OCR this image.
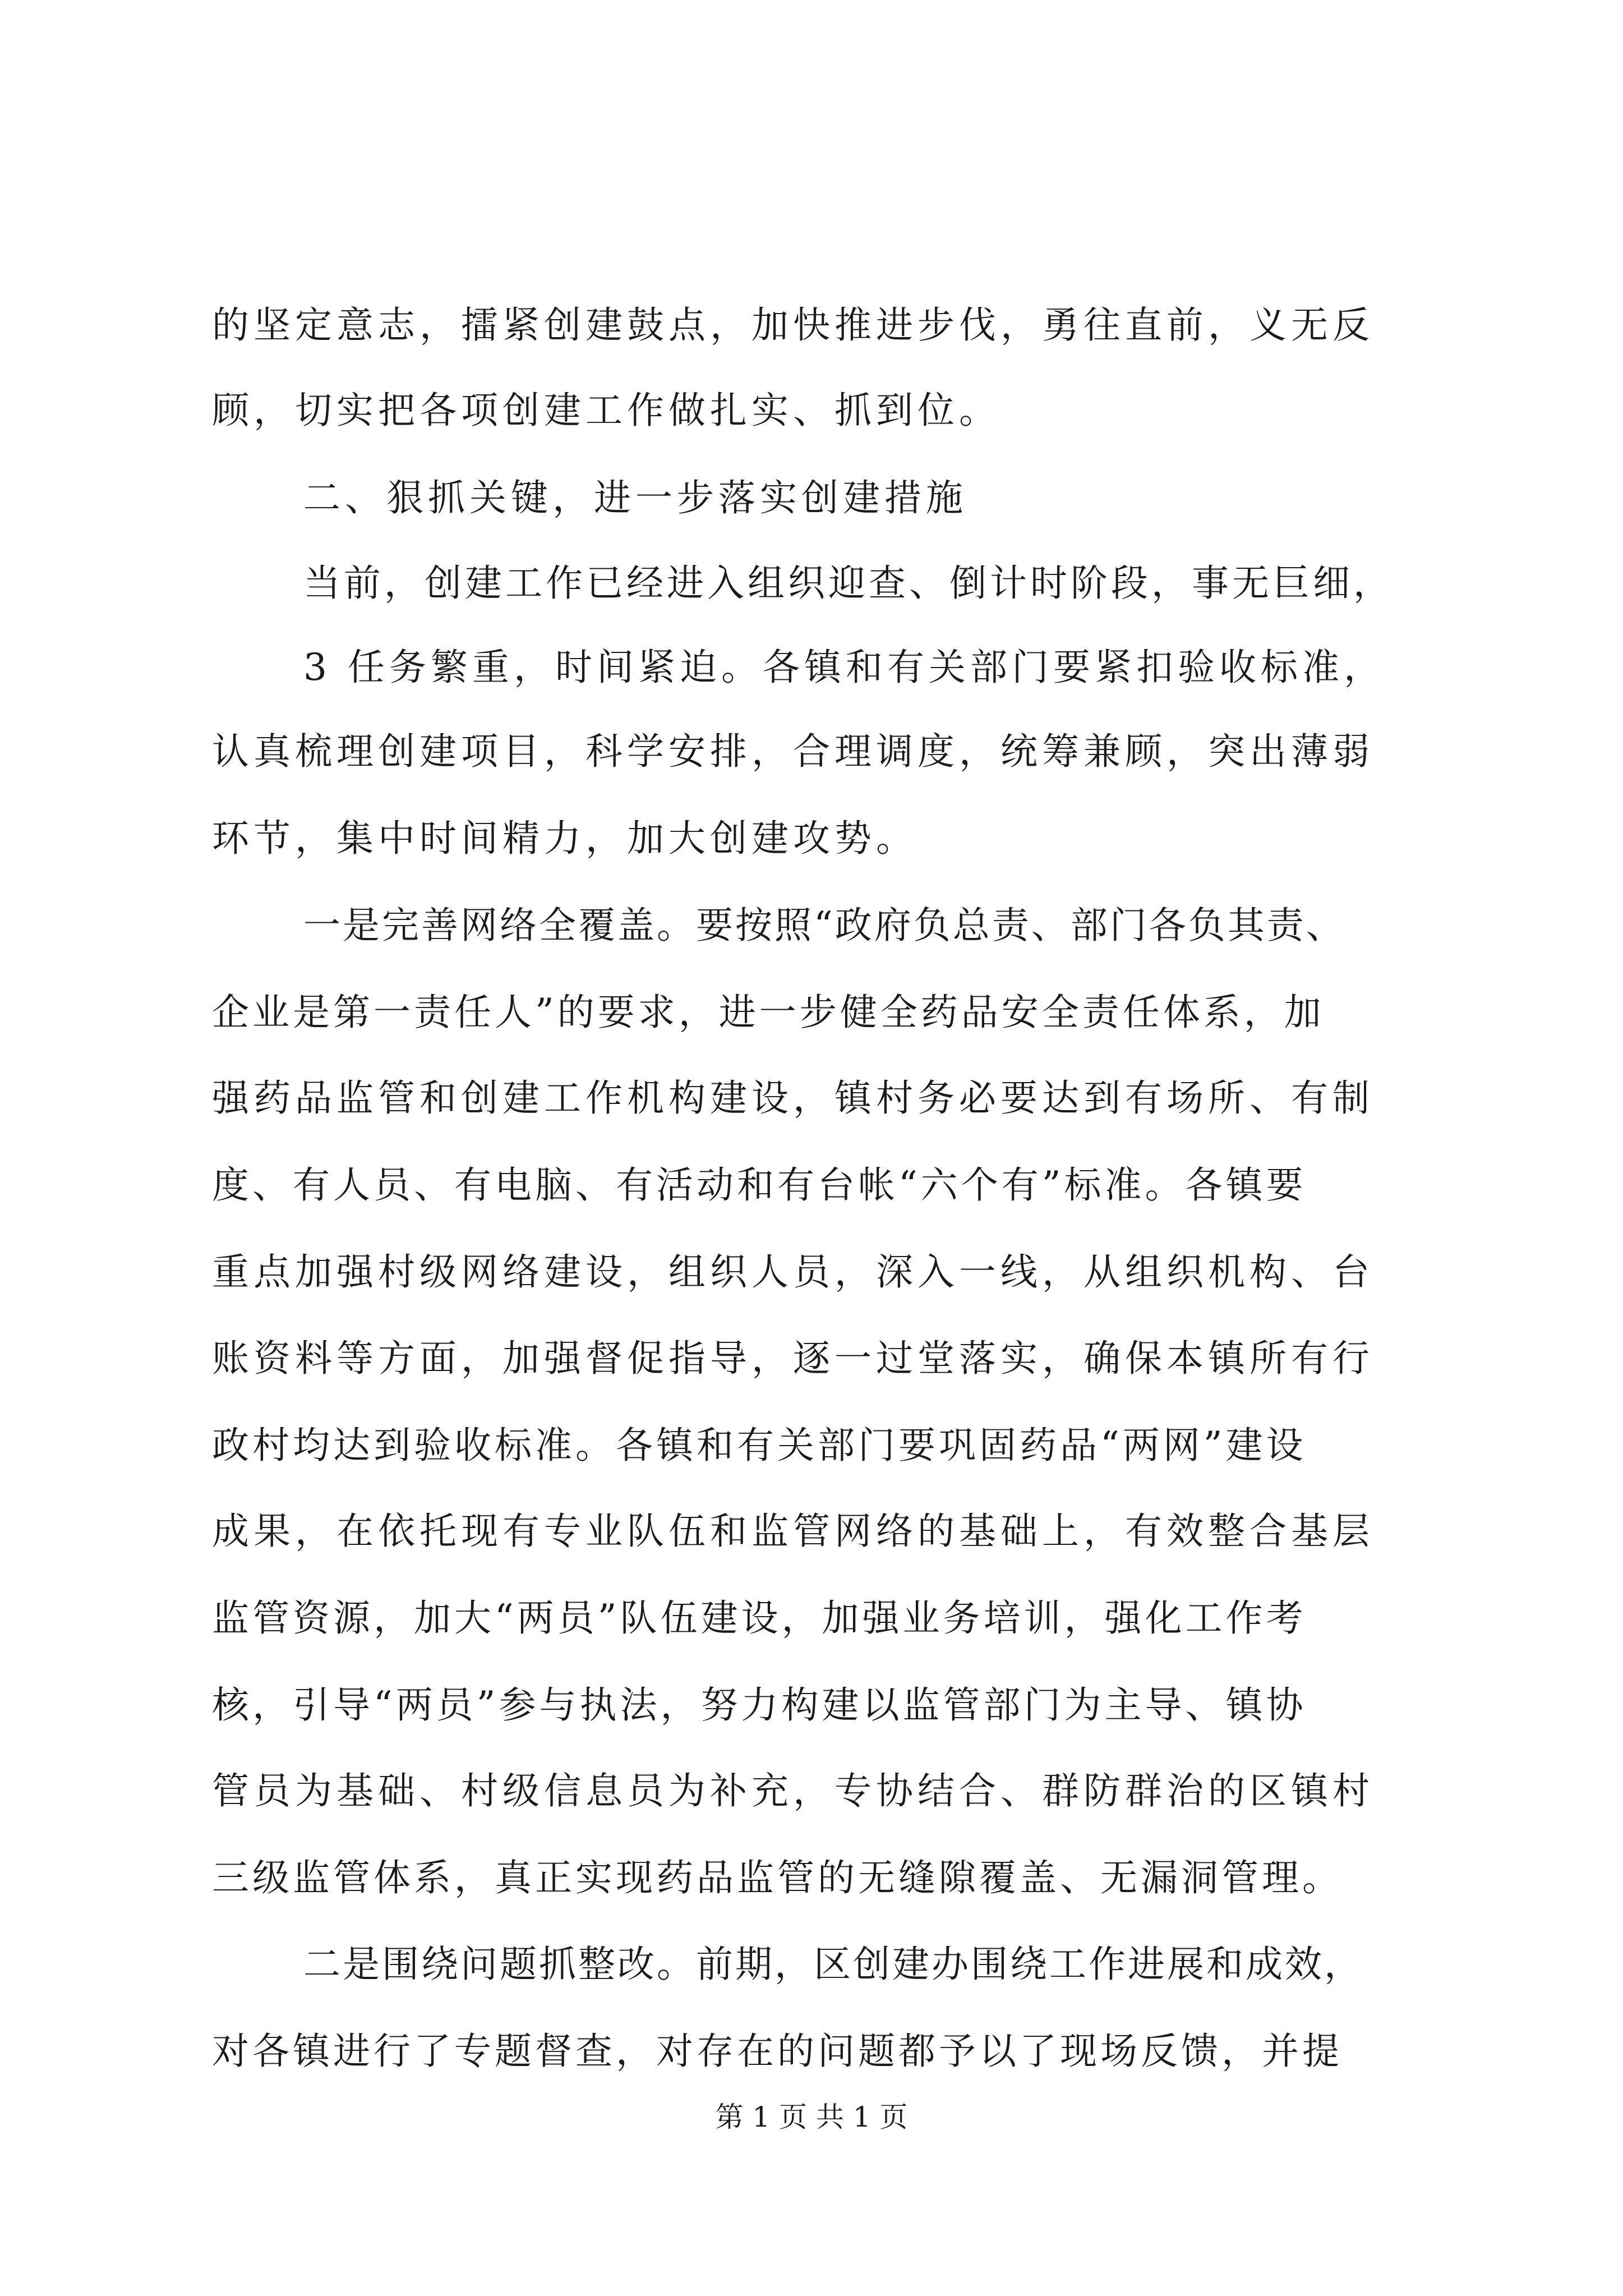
的坚定意志，擂紧创建鼓点，加快推进步伐，勇往直前，义无反
顾，切实把各项创建工作做扎实、抓到位。
二、狠抓关键，进一步落实创建措施
当前，创建工作已经进入组织迎查、倒计时阶段，事无巨细，
3 任务繁重，时间紧迫。各镇和有关部门要紧扣验收标准，
认真梳理创建项目，科学安排，合理调度，统筹兼顾，突出薄弱
环节，集中时间精力，加大创建攻势。
一是完善网络全覆盖。要按照“政府负总责、部门各负其责、
企业是第一责任人”的要求，进一步健全药品安全责任体系，加
强药品监管和创建工作机构建设，镇村务必要达到有场所、有制
度、有人员、有电脑、有活动和有台帐“六个有”标准。各镇要
重点加强村级网络建设，组织人员，深入一线，从组织机构、台
账资料等方面，加强督促指导，逐一过堂落实，确保本镇所有行
政村均达到验收标准。各镇和有关部门要巩固药品“两网”建设
成果，在依托现有专业队伍和监管网络的基础上，有效整合基层
监管资源，加大“两员”队伍建设，加强业务培训，强化工作考
核，引导“两员”参与执法，努力构建以监管部门为主导、镇协
管员为基础、村级信息员为补充，专协结合、群防群治的区镇村
三级监管体系，真正实现药品监管的无缝隙覆盖、无漏洞管理。
二是围绕问题抓整改。前期，区创建办围绕工作进展和成效，
对各镇进行了专题督查，对存在的问题都予以了现场反馈，并提
第 1 页 共 1 页
